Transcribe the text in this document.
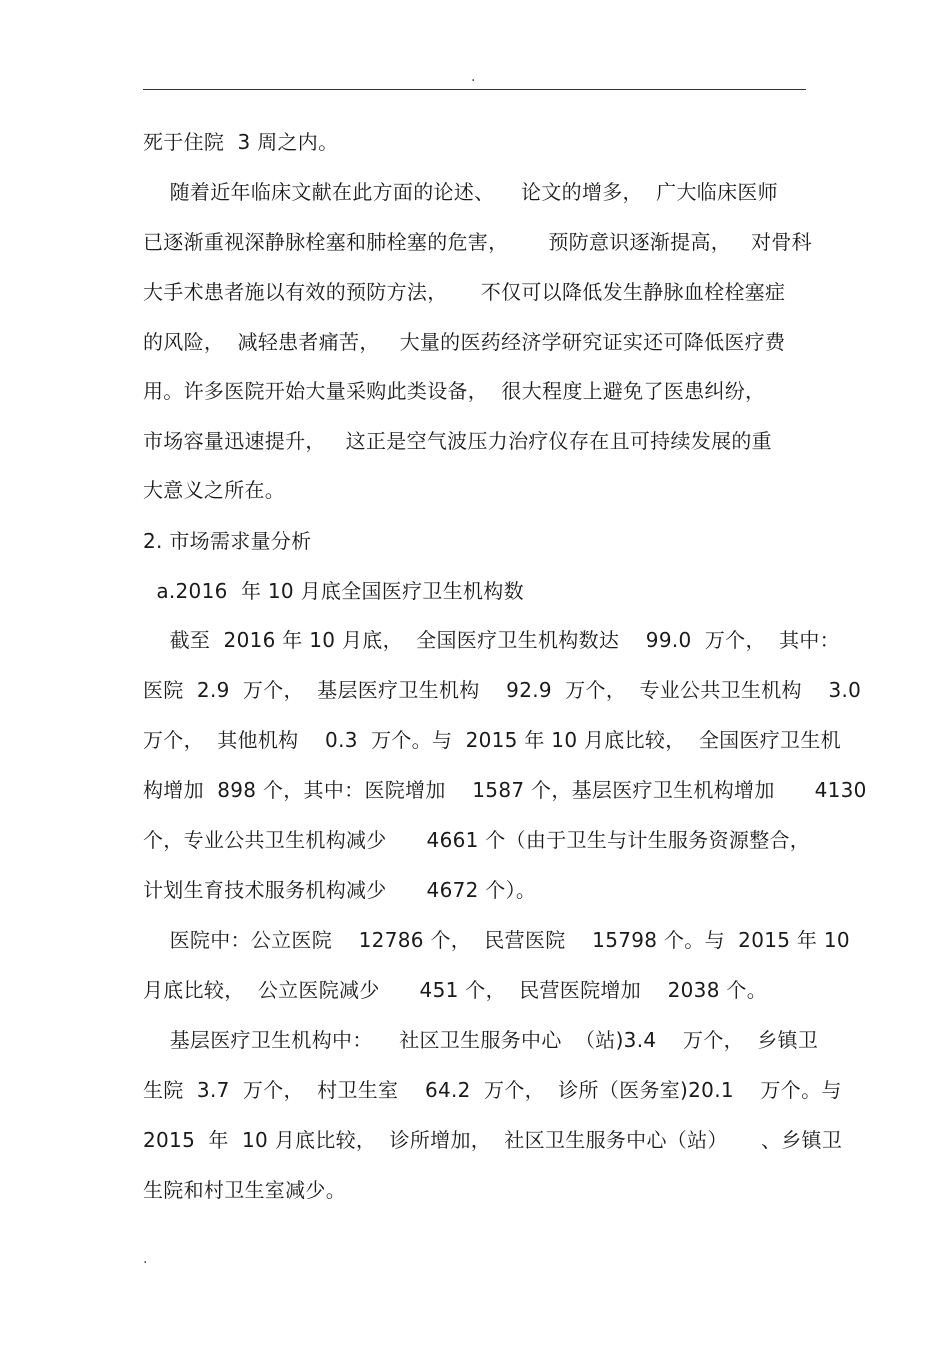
.
死于住院  3 周之内。
随着近年临床文献在此方面的论述、    论文的增多，  广大临床医师
已逐渐重视深静脉栓塞和肺栓塞的危害，      预防意识逐渐提高，   对骨科
大手术患者施以有效的预防方法，     不仅可以降低发生静脉血栓栓塞症
的风险，  减轻患者痛苦，   大量的医药经济学研究证实还可降低医疗费
用。许多医院开始大量采购此类设备，  很大程度上避免了医患纠纷，
市场容量迅速提升，   这正是空气波压力治疗仪存在且可持续发展的重
大意义之所在。
2. 市场需求量分析
a.2016  年 10 月底全国医疗卫生机构数
截至  2016 年 10 月底，  全国医疗卫生机构数达    99.0  万个，  其中：
医院  2.9  万个，  基层医疗卫生机构    92.9  万个，  专业公共卫生机构    3.0
万个，  其他机构    0.3  万个。与  2015 年 10 月底比较，  全国医疗卫生机
构增加  898 个，其中：医院增加    1587 个，基层医疗卫生机构增加      4130
个，专业公共卫生机构减少      4661 个（由于卫生与计生服务资源整合，
计划生育技术服务机构减少      4672 个）。
医院中：公立医院    12786 个，  民营医院    15798 个。与  2015 年 10
月底比较，  公立医院减少      451 个，  民营医院增加    2038 个。
基层医疗卫生机构中：    社区卫生服务中心  （站)3.4    万个，  乡镇卫
生院  3.7  万个，  村卫生室    64.2  万个，  诊所（医务室)20.1    万个。与
2015  年  10 月底比较，  诊所增加，  社区卫生服务中心（站）     、乡镇卫
生院和村卫生室减少。
.
